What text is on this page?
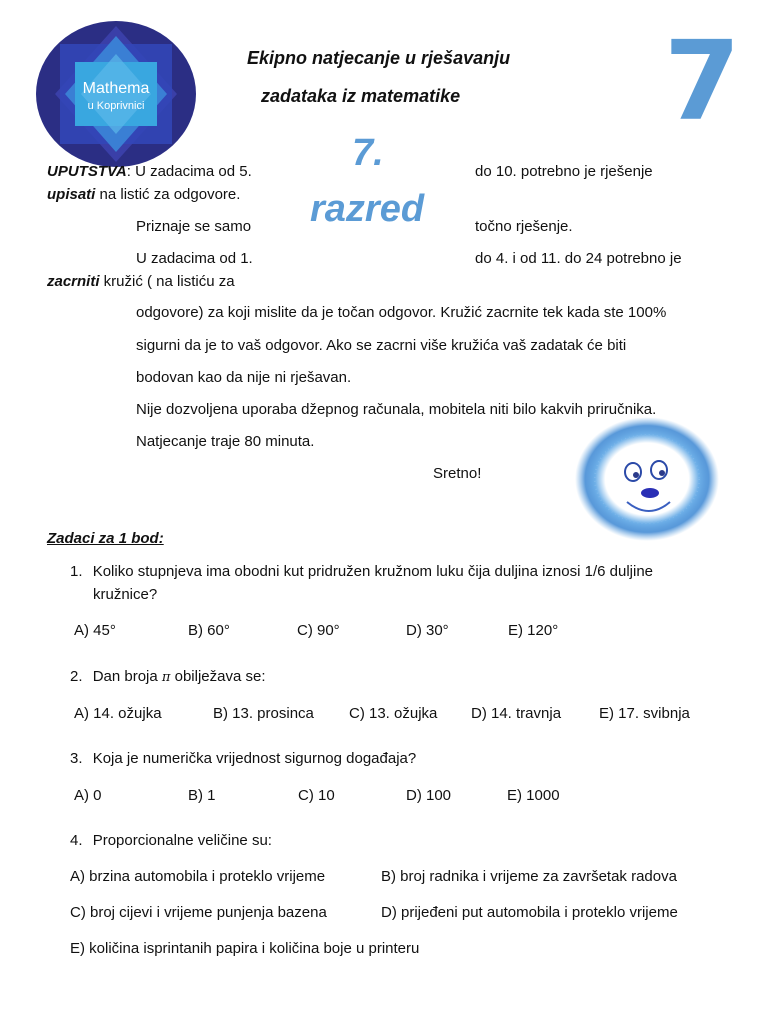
Mathema
u Koprivnici
Ekipno natjecanje u rješavanju
zadataka iz matematike 7
7.
razred
UPUTSTVA: U zadacima od 5.	do 10. potrebno je rješenje
upisati na listić za odgovore.
Priznaje se samo	točno rješenje.
U zadacima od 1.	do 4. i od 11. do 24 potrebno je
zacrniti kružić ( na listiću za
odgovore) za koji mislite da je točan odgovor. Kružić zacrnite tek kada ste 100%
sigurni da je to vaš odgovor. Ako se zacrni više kružića vaš zadatak će biti
bodovan kao da nije ni rješavan.
Nije dozvoljena uporaba džepnog računala, mobitela niti bilo kakvih priručnika.
Natjecanje traje 80 minuta.
Sretno!
Zadaci za 1 bod:
1. Koliko stupnjeva ima obodni kut pridružen kružnom luku čija duljina iznosi 1/6 duljine
kružnice?
A) 45°	B) 60°	C) 90°	D) 30°	E) 120°
2. Dan broja π obilježava se:
A) 14. ožujka	B) 13. prosinca	C) 13. ožujka	D) 14. travnja	E) 17. svibnja
3. Koja je numerička vrijednost sigurnog događaja?
A) 0	B) 1	C) 10	D) 100	E) 1000
4. Proporcionalne veličine su:
A) brzina automobila i proteklo vrijeme	B) broj radnika i vrijeme za završetak radova
C) broj cijevi i vrijeme punjenja bazena	D) prijeđeni put automobila i proteklo vrijeme
E) količina isprintanih papira i količina boje u printeru
